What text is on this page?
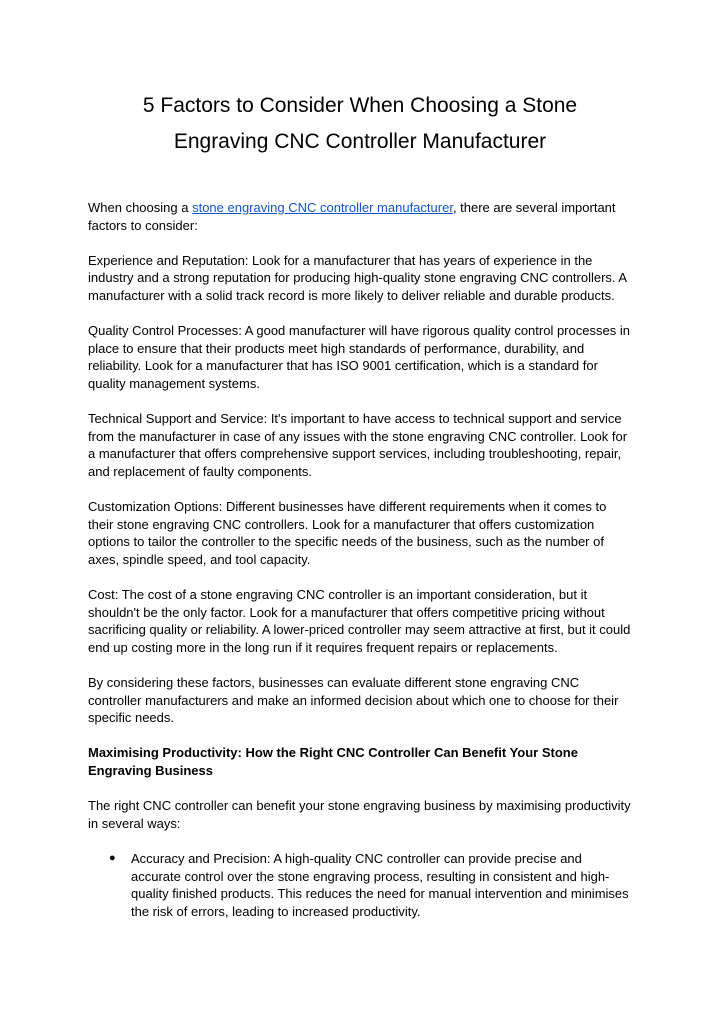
5 Factors to Consider When Choosing a Stone
Engraving CNC Controller Manufacturer

When choosing a stone engraving CNC controller manufacturer, there are several important factors to consider:

Experience and Reputation: Look for a manufacturer that has years of experience in the industry and a strong reputation for producing high-quality stone engraving CNC controllers. A manufacturer with a solid track record is more likely to deliver reliable and durable products.

Quality Control Processes: A good manufacturer will have rigorous quality control processes in place to ensure that their products meet high standards of performance, durability, and reliability. Look for a manufacturer that has ISO 9001 certification, which is a standard for quality management systems.

Technical Support and Service: It's important to have access to technical support and service from the manufacturer in case of any issues with the stone engraving CNC controller. Look for a manufacturer that offers comprehensive support services, including troubleshooting, repair, and replacement of faulty components.

Customization Options: Different businesses have different requirements when it comes to their stone engraving CNC controllers. Look for a manufacturer that offers customization options to tailor the controller to the specific needs of the business, such as the number of axes, spindle speed, and tool capacity.

Cost: The cost of a stone engraving CNC controller is an important consideration, but it shouldn't be the only factor. Look for a manufacturer that offers competitive pricing without sacrificing quality or reliability. A lower-priced controller may seem attractive at first, but it could end up costing more in the long run if it requires frequent repairs or replacements.

By considering these factors, businesses can evaluate different stone engraving CNC controller manufacturers and make an informed decision about which one to choose for their specific needs.

Maximising Productivity: How the Right CNC Controller Can Benefit Your Stone Engraving Business

The right CNC controller can benefit your stone engraving business by maximising productivity in several ways:

● Accuracy and Precision: A high-quality CNC controller can provide precise and accurate control over the stone engraving process, resulting in consistent and high-quality finished products. This reduces the need for manual intervention and minimises the risk of errors, leading to increased productivity.
